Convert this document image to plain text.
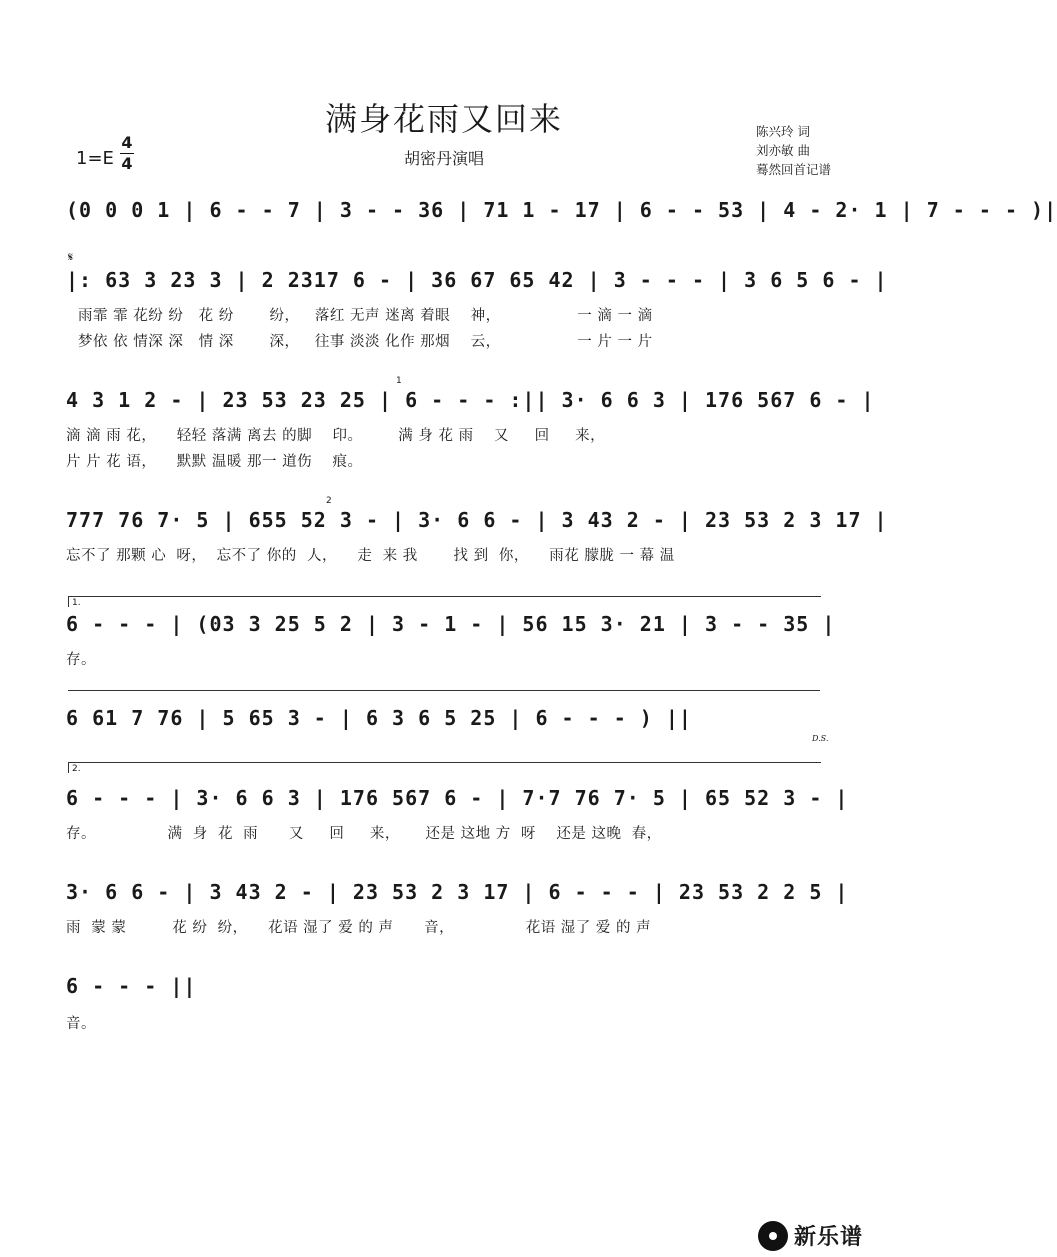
满身花雨又回来
胡密丹演唱
陈兴玲 词
刘亦敏 曲
蓦然回首记谱
1=E
4
4
(0 0 0 1 | 6 - - 7 | 3 - - 36 | 71 1 - 17 | 6 - - 53 | 4 - 2· 1 | 7 - - - )|
𝄋
|: 63 3 23 3 | 2 2317 6 - | 36 67 65 42 | 3 - - - | 3 6 5 6 - |
雨霏 霏 花纷 纷   花 纷       纷，   落红 无声 迷离 着眼    神，               一 滴 一 滴
梦依 依 情深 深   情 深       深，   往事 淡淡 化作 那烟    云，               一 片 一 片
1
4 3 1 2 - | 23 53 23 25 | 6 - - - :|| 3· 6 6 3 | 176 567 6 - |
滴 滴 雨 花，    轻轻 落满 离去 的脚    印。       满 身 花 雨    又     回     来，
片 片 花 语，    默默 温暖 那一 道伤    痕。
2
777 76 7· 5 | 655 52 3 - | 3· 6 6 - | 3 43 2 - | 23 53 2 3 17 |
忘不了 那颗 心  呀，  忘不了 你的  人，    走  来 我       找 到  你，    雨花 朦胧 一 幕 温
1.
6 - - - | (03 3 25 5 2 | 3 - 1 - | 56 15 3· 21 | 3 - - 35 |
存。
6 61 7 76 | 5 65 3 - | 6 3 6 5 25 | 6 - - - ) ||
D.S.
2.
6 - - - | 3· 6 6 3 | 176 567 6 - | 7·7 76 7· 5 | 65 52 3 - |
存。              满  身  花  雨      又     回     来，     还是 这地 方  呀    还是 这晚  春，
3· 6 6 - | 3 43 2 - | 23 53 2 3 17 | 6 - - - | 23 53 2 2 5 |
雨  蒙 蒙         花 纷  纷，    花语 湿了 爱 的 声      音，              花语 湿了 爱 的 声
6 - - - ||
音。
新乐谱
